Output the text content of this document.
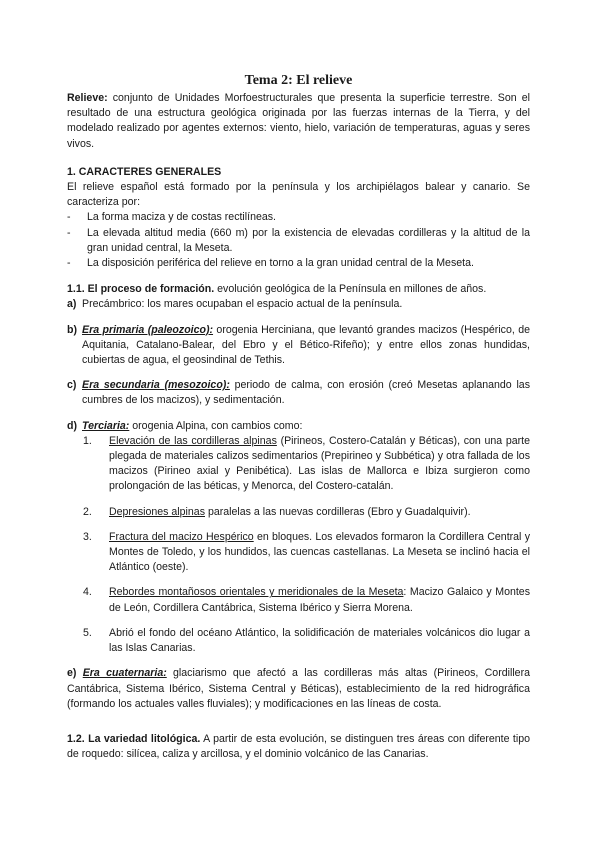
Tema 2: El relieve

Relieve: conjunto de Unidades Morfoestructurales que presenta la superficie terrestre. Son el resultado de una estructura geológica originada por las fuerzas internas de la Tierra, y del modelado realizado por agentes externos: viento, hielo, variación de temperaturas, aguas y seres vivos.

1. CARACTERES GENERALES

El relieve español está formado por la península y los archipiélagos balear y canario. Se caracteriza por:

- La forma maciza y de costas rectilíneas.
- La elevada altitud media (660 m) por la existencia de elevadas cordilleras y la altitud de la gran unidad central, la Meseta.
- La disposición periférica del relieve en torno a la gran unidad central de la Meseta.

1.1. El proceso de formación. evolución geológica de la Península en millones de años.

a) Precámbrico: los mares ocupaban el espacio actual de la península.
b) Era primaria (paleozoico): orogenia Herciniana, que levantó grandes macizos (Hespérico, de Aquitania, Catalano-Balear, del Ebro y el Bético-Rifeño); y entre ellos zonas hundidas, cubiertas de agua, el geosindinal de Tethis.
c) Era secundaria (mesozoico): periodo de calma, con erosión (creó Mesetas aplanando las cumbres de los macizos), y sedimentación.
d) Terciaria: orogenia Alpina, con cambios como:
1. Elevación de las cordilleras alpinas (Pirineos, Costero-Catalán y Béticas), con una parte plegada de materiales calizos sedimentarios (Prepirineo y Subbética) y otra fallada de los macizos (Pirineo axial y Penibética). Las islas de Mallorca e Ibiza surgieron como prolongación de las béticas, y Menorca, del Costero-catalán.
2. Depresiones alpinas paralelas a las nuevas cordilleras (Ebro y Guadalquivir).
3. Fractura del macizo Hespérico en bloques. Los elevados formaron la Cordillera Central y Montes de Toledo, y los hundidos, las cuencas castellanas. La Meseta se inclinó hacia el Atlántico (oeste).
4. Rebordes montañosos orientales y meridionales de la Meseta: Macizo Galaico y Montes de León, Cordillera Cantábrica, Sistema Ibérico y Sierra Morena.
5. Abrió el fondo del océano Atlántico, la solidificación de materiales volcánicos dio lugar a las Islas Canarias.

e) Era cuaternaria: glaciarismo que afectó a las cordilleras más altas (Pirineos, Cordillera Cantábrica, Sistema Ibérico, Sistema Central y Béticas), establecimiento de la red hidrográfica (formando los actuales valles fluviales); y modificaciones en las líneas de costa.

1.2. La variedad litológica. A partir de esta evolución, se distinguen tres áreas con diferente tipo de roquedo: silícea, caliza y arcillosa, y el dominio volcánico de las Canarias.
